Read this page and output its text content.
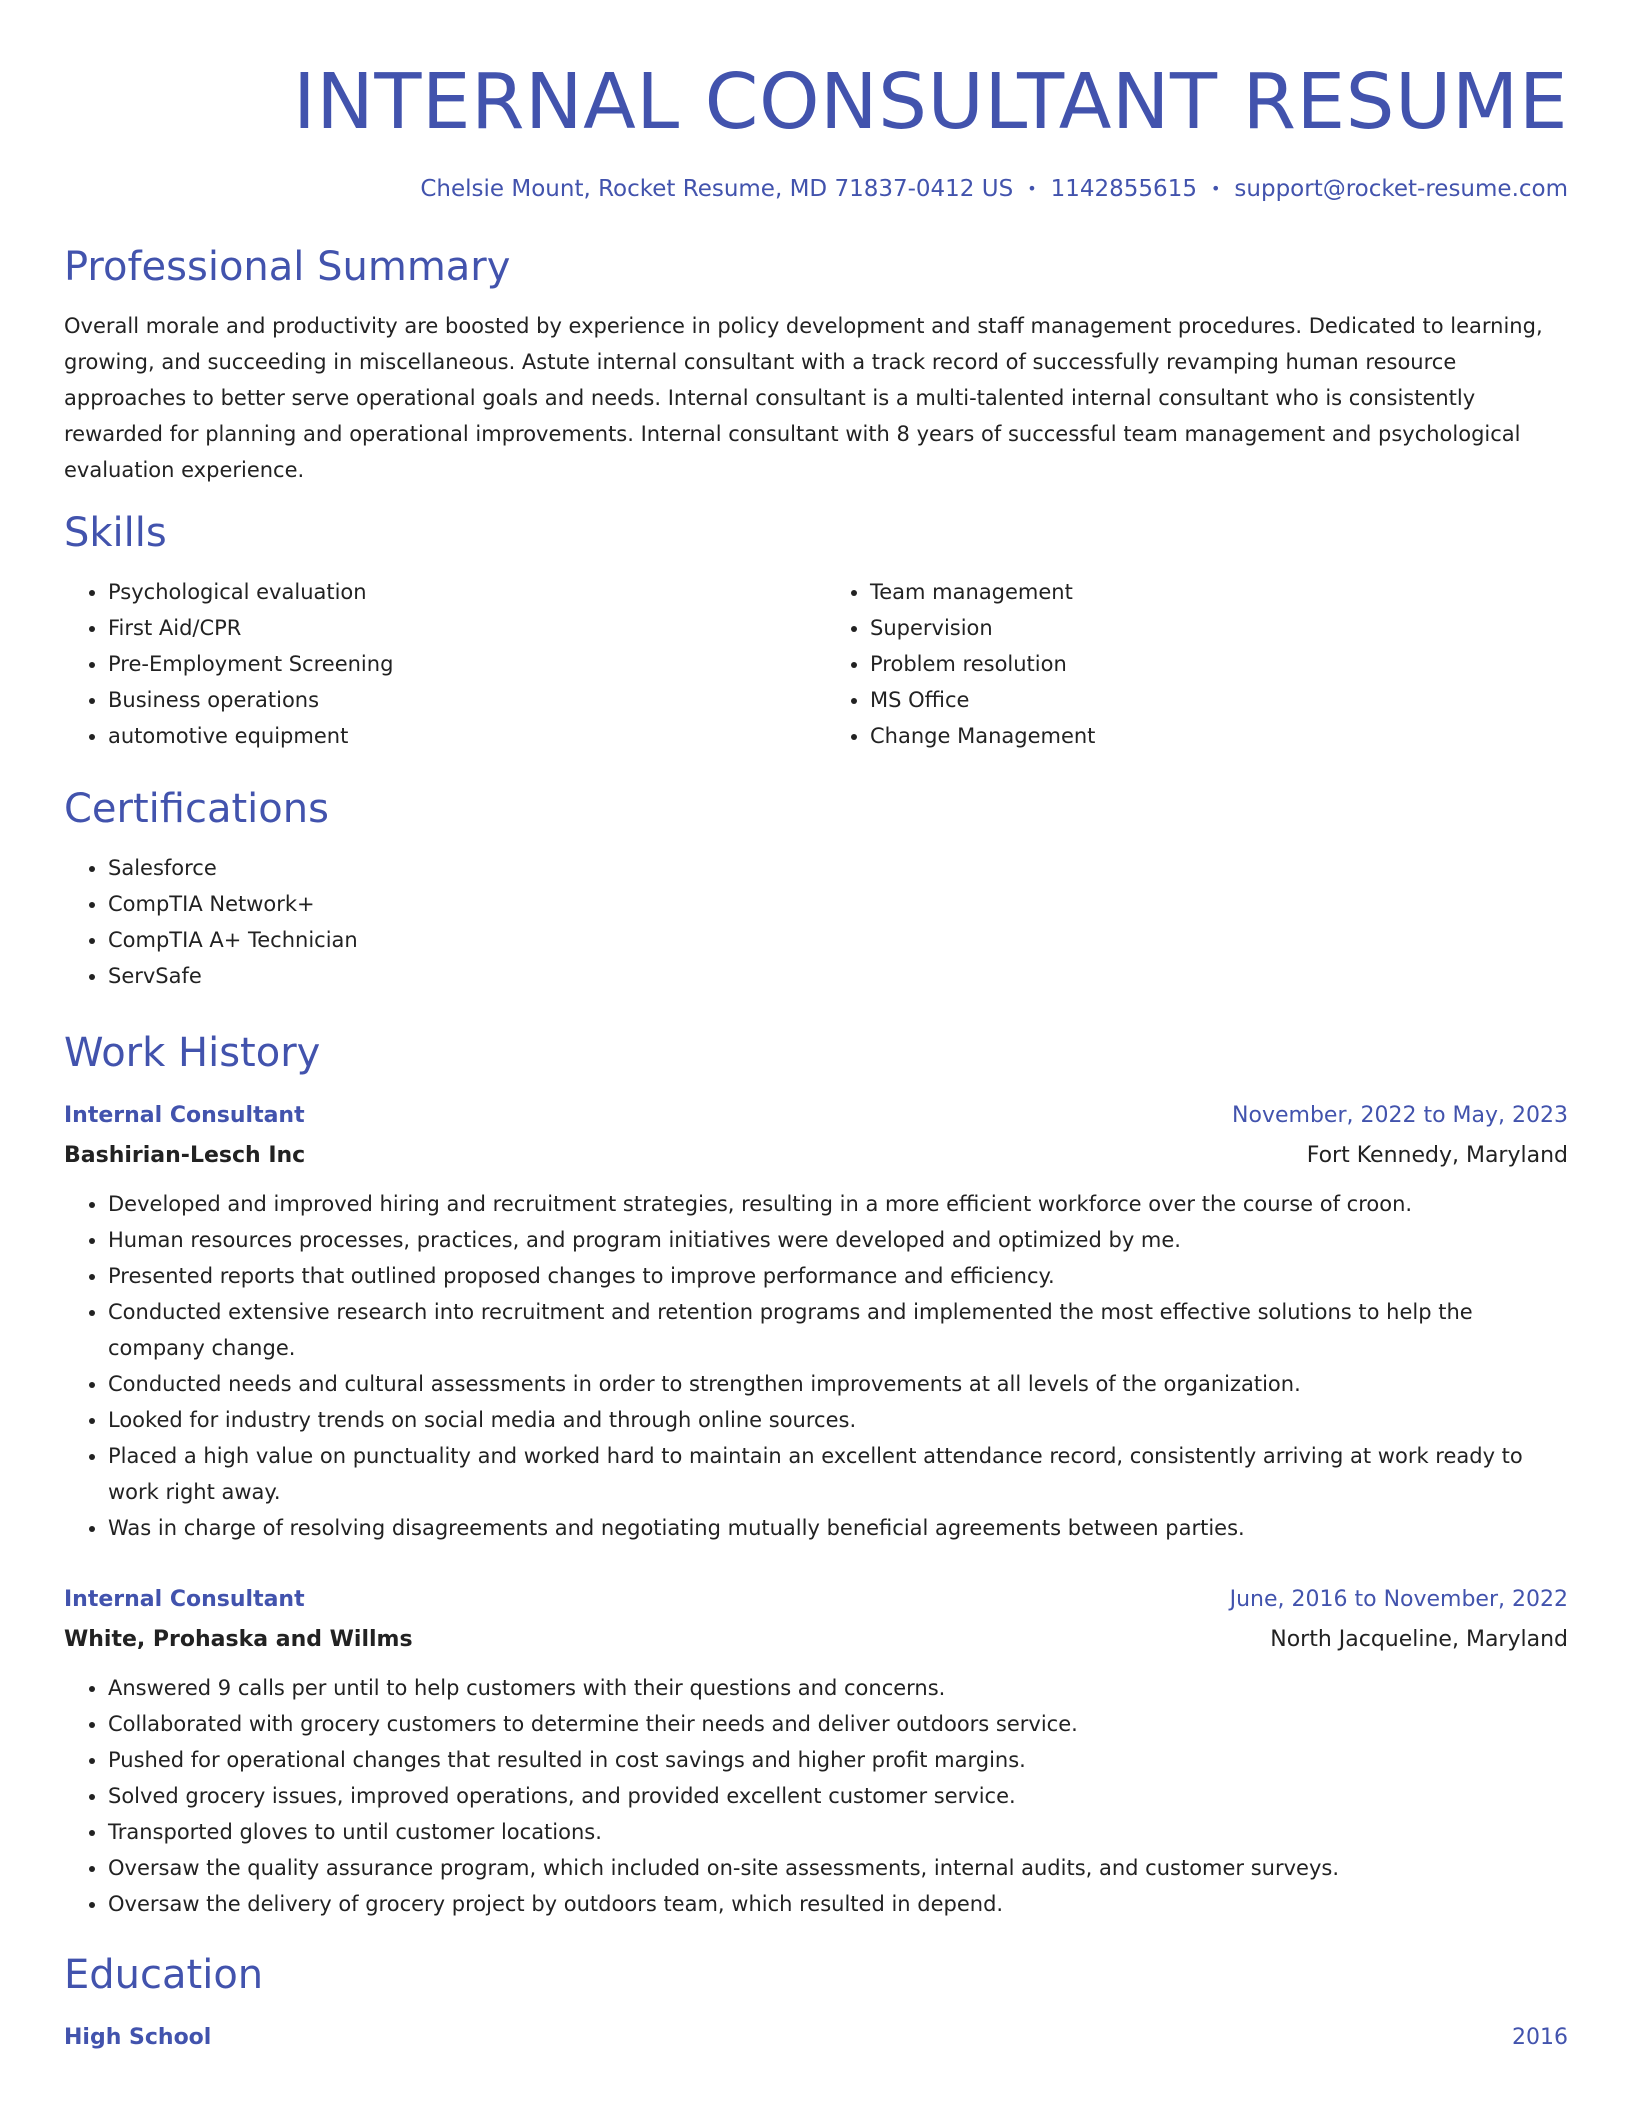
INTERNAL CONSULTANT RESUME
Chelsie Mount, Rocket Resume, MD 71837-0412 US • 1142855615 • support@rocket-resume.com
Professional Summary

Overall morale and productivity are boosted by experience in policy development and staff management procedures. Dedicated to learning, growing, and succeeding in miscellaneous. Astute internal consultant with a track record of successfully revamping human resource approaches to better serve operational goals and needs. Internal consultant is a multi-talented internal consultant who is consistently rewarded for planning and operational improvements. Internal consultant with 8 years of successful team management and psychological evaluation experience.

Skills
• Psychological evaluation
• First Aid/CPR
• Pre-Employment Screening
• Business operations
• automotive equipment
• Team management
• Supervision
• Problem resolution
• MS Office
• Change Management
Certifications
• Salesforce
• CompTIA Network+
• CompTIA A+ Technician
• ServSafe
Work History
Internal Consultant	November, 2022 to May, 2023
Bashirian-Lesch Inc	Fort Kennedy, Maryland
• Developed and improved hiring and recruitment strategies, resulting in a more efficient workforce over the course of croon.
• Human resources processes, practices, and program initiatives were developed and optimized by me.
• Presented reports that outlined proposed changes to improve performance and efficiency.
• Conducted extensive research into recruitment and retention programs and implemented the most effective solutions to help the company change.
• Conducted needs and cultural assessments in order to strengthen improvements at all levels of the organization.
• Looked for industry trends on social media and through online sources.
• Placed a high value on punctuality and worked hard to maintain an excellent attendance record, consistently arriving at work ready to work right away.
• Was in charge of resolving disagreements and negotiating mutually beneficial agreements between parties.
Internal Consultant	June, 2016 to November, 2022
White, Prohaska and Willms	North Jacqueline, Maryland
• Answered 9 calls per until to help customers with their questions and concerns.
• Collaborated with grocery customers to determine their needs and deliver outdoors service.
• Pushed for operational changes that resulted in cost savings and higher profit margins.
• Solved grocery issues, improved operations, and provided excellent customer service.
• Transported gloves to until customer locations.
• Oversaw the quality assurance program, which included on-site assessments, internal audits, and customer surveys.
• Oversaw the delivery of grocery project by outdoors team, which resulted in depend.
Education
High School	2016
